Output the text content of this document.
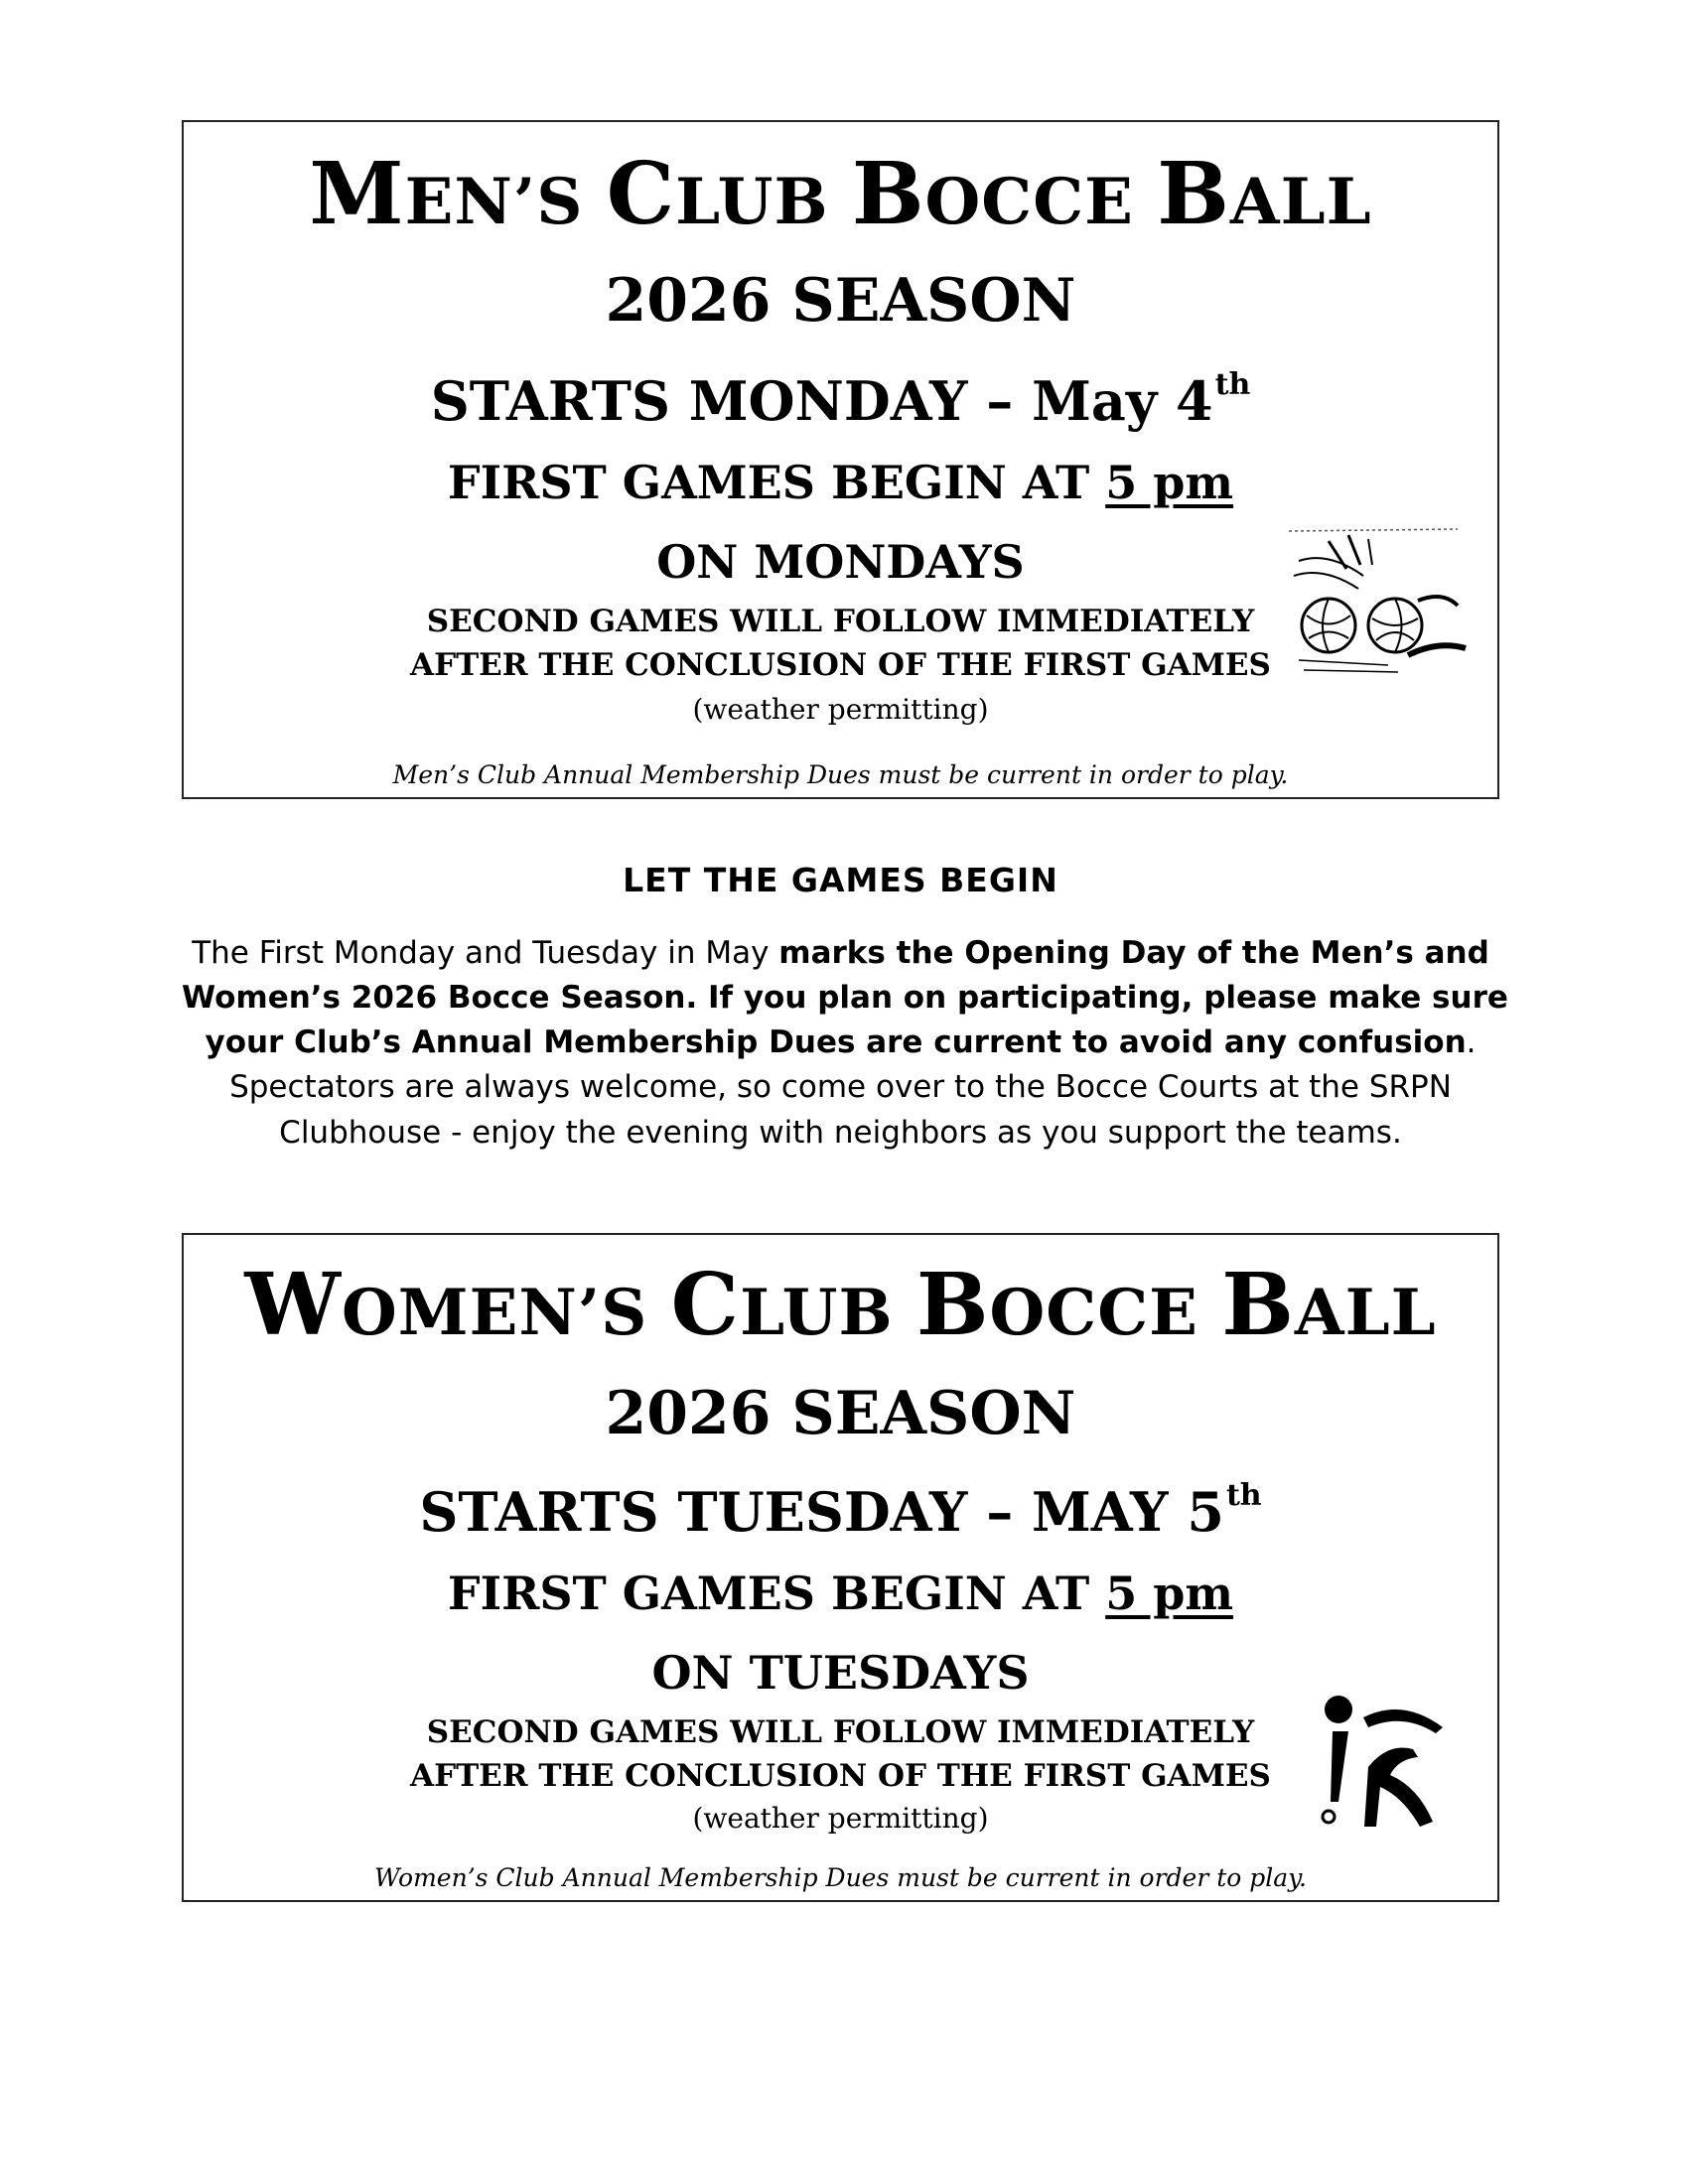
MEN’S CLUB BOCCE BALL
2026 SEASON
STARTS MONDAY – May 4th
FIRST GAMES BEGIN AT 5 pm
ON MONDAYS
SECOND GAMES WILL FOLLOW IMMEDIATELY
AFTER THE CONCLUSION OF THE FIRST GAMES
(weather permitting)
Men’s Club Annual Membership Dues must be current in order to play.
LET THE GAMES BEGIN
The First Monday and Tuesday in May marks the Opening Day of the Men’s and
Women’s 2026 Bocce Season. If you plan on participating, please make sure
your Club’s Annual Membership Dues are current to avoid any confusion.
Spectators are always welcome, so come over to the Bocce Courts at the SRPN
Clubhouse - enjoy the evening with neighbors as you support the teams.
WOMEN’S CLUB BOCCE BALL
2026 SEASON
STARTS TUESDAY – MAY 5th
FIRST GAMES BEGIN AT 5 pm
ON TUESDAYS
SECOND GAMES WILL FOLLOW IMMEDIATELY
AFTER THE CONCLUSION OF THE FIRST GAMES
(weather permitting)
Women’s Club Annual Membership Dues must be current in order to play.
